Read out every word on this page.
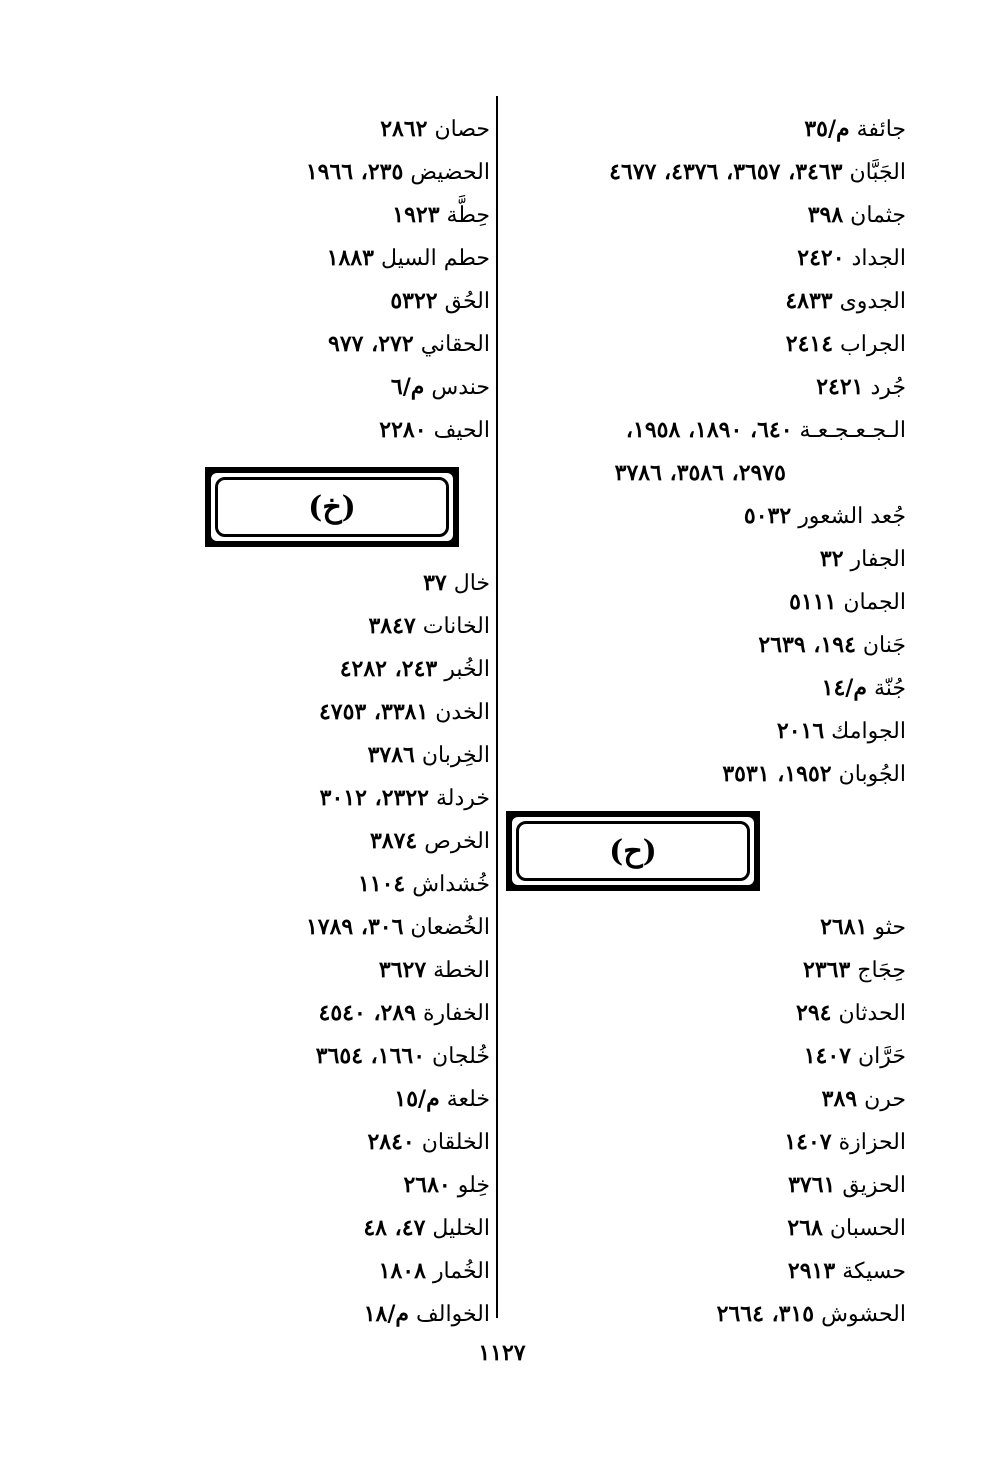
جائفة م/٣٥
الجَبَّان ٣٤٦٣، ٣٦٥٧، ٤٣٧٦، ٤٦٧٧
جثمان ٣٩٨
الجداد ٢٤٢٠
الجدوى ٤٨٣٣
الجراب ٢٤١٤
جُرد ٢٤٢١
الـجـعـجـعـة ٦٤٠، ١٨٩٠، ١٩٥٨،
٢٩٧٥، ٣٥٨٦، ٣٧٨٦
جُعد الشعور ٥٠٣٢
الجفار ٣٢
الجمان ٥١١١
جَنان ١٩٤، ٢٦٣٩
جُنّة م/١٤
الجوامك ٢٠١٦
الجُوبان ١٩٥٢، ٣٥٣١
(ح)
حثو ٢٦٨١
حِجَاج ٢٣٦٣
الحدثان ٢٩٤
حَرَّان ١٤٠٧
حرن ٣٨٩
الحزازة ١٤٠٧
الحزيق ٣٧٦١
الحسبان ٢٦٨
حسيكة ٢٩١٣
الحشوش ٣١٥، ٢٦٦٤
حصان ٢٨٦٢
الحضيض ٢٣٥، ١٩٦٦
حِطَّة ١٩٢٣
حطم السيل ١٨٨٣
الحُق ٥٣٢٢
الحقاني ٢٧٢، ٩٧٧
حندس م/٦
الحيف ٢٢٨٠
(خ)
خال ٣٧
الخانات ٣٨٤٧
الخُبر ٢٤٣، ٤٢٨٢
الخدن ٣٣٨١، ٤٧٥٣
الخِربان ٣٧٨٦
خردلة ٢٣٢٢، ٣٠١٢
الخرص ٣٨٧٤
خُشداش ١١٠٤
الخُضعان ٣٠٦، ١٧٨٩
الخطة ٣٦٢٧
الخفارة ٢٨٩، ٤٥٤٠
خُلجان ١٦٦٠، ٣٦٥٤
خلعة م/١٥
الخلقان ٢٨٤٠
خِلو ٢٦٨٠
الخليل ٤٧، ٤٨
الخُمار ١٨٠٨
الخوالف م/١٨
١١٢٧
